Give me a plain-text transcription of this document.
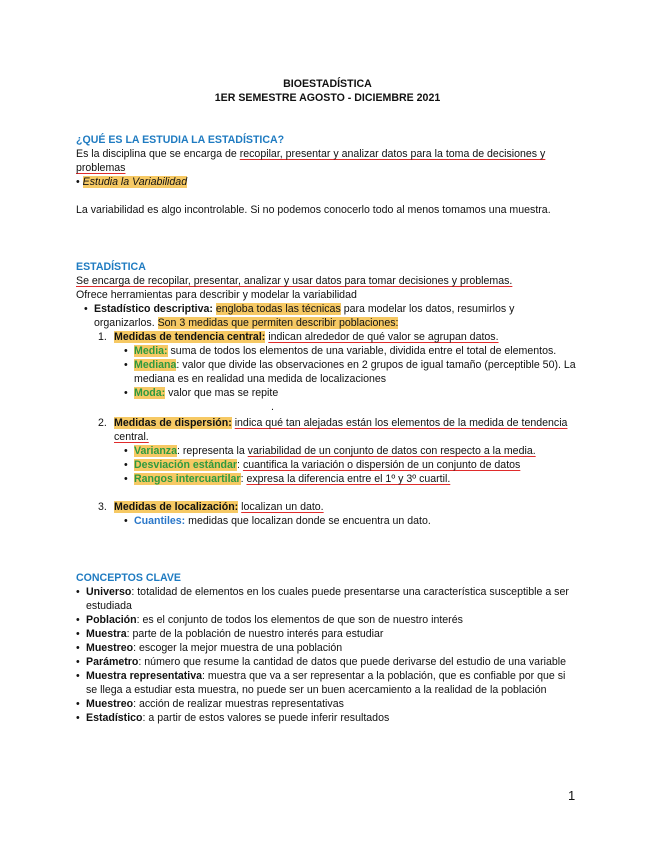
BIOESTADÍSTICA
1ER SEMESTRE AGOSTO - DICIEMBRE 2021
¿QUÉ ES LA ESTUDIA LA ESTADÍSTICA?

Es la disciplina que se encarga de recopilar, presentar y analizar datos para la toma de decisiones y problemas

• Estudia la Variabilidad

La variabilidad es algo incontrolable. Si no podemos conocerlo todo al menos tomamos una muestra.

ESTADÍSTICA

Se encarga de recopilar, presentar, analizar y usar datos para tomar decisiones y problemas.

Ofrece herramientas para describir y modelar la variabilidad

• Estadístico descriptiva: engloba todas las técnicas para modelar los datos, resumirlos y organizarlos. Son 3 medidas que permiten describir poblaciones:

1. Medidas de tendencia central: indican alrededor de qué valor se agrupan datos.

• Media: suma de todos los elementos de una variable, dividida entre el total de elementos.

• Mediana: valor que divide las observaciones en 2 grupos de igual tamaño (perceptible 50). La mediana es en realidad una medida de localizaciones

• Moda: valor que mas se repite

.

2. Medidas de dispersión: indica qué tan alejadas están los elementos de la medida de tendencia central.

• Varianza: representa la variabilidad de un conjunto de datos con respecto a la media.

• Desviación estándar: cuantifica la variación o dispersión de un conjunto de datos

• Rangos intercuartilar: expresa la diferencia entre el 1º y 3º cuartil.

3. Medidas de localización: localizan un dato.

• Cuantiles: medidas que localizan donde se encuentra un dato.

CONCEPTOS CLAVE

• Universo: totalidad de elementos en los cuales puede presentarse una característica susceptible a ser estudiada

• Población: es el conjunto de todos los elementos de que son de nuestro interés

• Muestra: parte de la población de nuestro interés para estudiar

• Muestreo: escoger la mejor muestra de una población

• Parámetro: número que resume la cantidad de datos que puede derivarse del estudio de una variable

• Muestra representativa: muestra que va a ser representar a la población, que es confiable por que si se llega a estudiar esta muestra, no puede ser un buen acercamiento a la realidad de la población

• Muestreo: acción de realizar muestras representativas

• Estadístico: a partir de estos valores se puede inferir resultados

1
